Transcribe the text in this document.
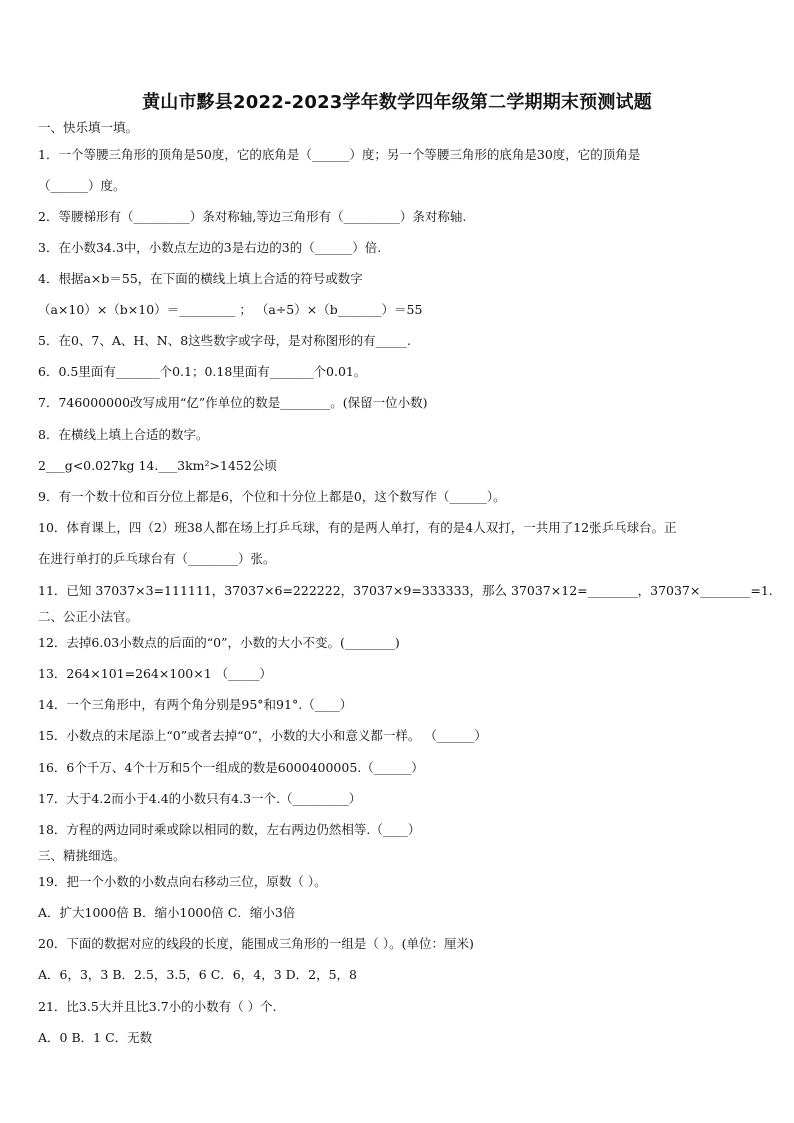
黄山市黟县2022-2023学年数学四年级第二学期期末预测试题
一、快乐填一填。
1．一个等腰三角形的顶角是50度，它的底角是（______）度；另一个等腰三角形的底角是30度，它的顶角是
（______）度。
2．等腰梯形有（_________）条对称轴,等边三角形有（_________）条对称轴.
3．在小数34.3中，小数点左边的3是右边的3的（______）倍.
4．根据a×b＝55，在下面的横线上填上合适的符号或数字
（a×10）×（b×10）＝_________ ； （a÷5）×（b_______）＝55
5．在0、7、A、H、N、8这些数字或字母，是对称图形的有_____.
6．0.5里面有_______个0.1；0.18里面有_______个0.01。
7．746000000改写成用“亿”作单位的数是________。(保留一位小数)
8．在横线上填上合适的数字。
2___g<0.027kg 14.___3km²>1452公顷
9．有一个数十位和百分位上都是6，个位和十分位上都是0，这个数写作（______）。
10．体育课上，四（2）班38人都在场上打乒乓球，有的是两人单打，有的是4人双打，一共用了12张乒乓球台。正
在进行单打的乒乓球台有（________）张。
11．已知 37037×3=111111，37037×6=222222，37037×9=333333，那么 37037×12=________，37037×________=1.
二、公正小法官。
12．去掉6.03小数点的后面的“0”，小数的大小不变。(________)
13．264×101=264×100×1 （_____）
14．一个三角形中，有两个角分别是95°和91°.（____）
15．小数点的末尾添上“0”或者去掉“0”，小数的大小和意义都一样。 （______）
16．6个千万、4个十万和5个一组成的数是6000400005.（______）
17．大于4.2而小于4.4的小数只有4.3一个.（_________）
18．方程的两边同时乘或除以相同的数，左右两边仍然相等.（____）
三、精挑细选。
19．把一个小数的小数点向右移动三位，原数（ ）。
A．扩大1000倍 B．缩小1000倍 C．缩小3倍
20．下面的数据对应的线段的长度，能围成三角形的一组是（ ）。(单位：厘米)
A．6，3，3 B．2.5，3.5，6 C．6，4，3 D．2，5，8
21．比3.5大并且比3.7小的小数有（ ）个.
A．0 B．1 C．无数
